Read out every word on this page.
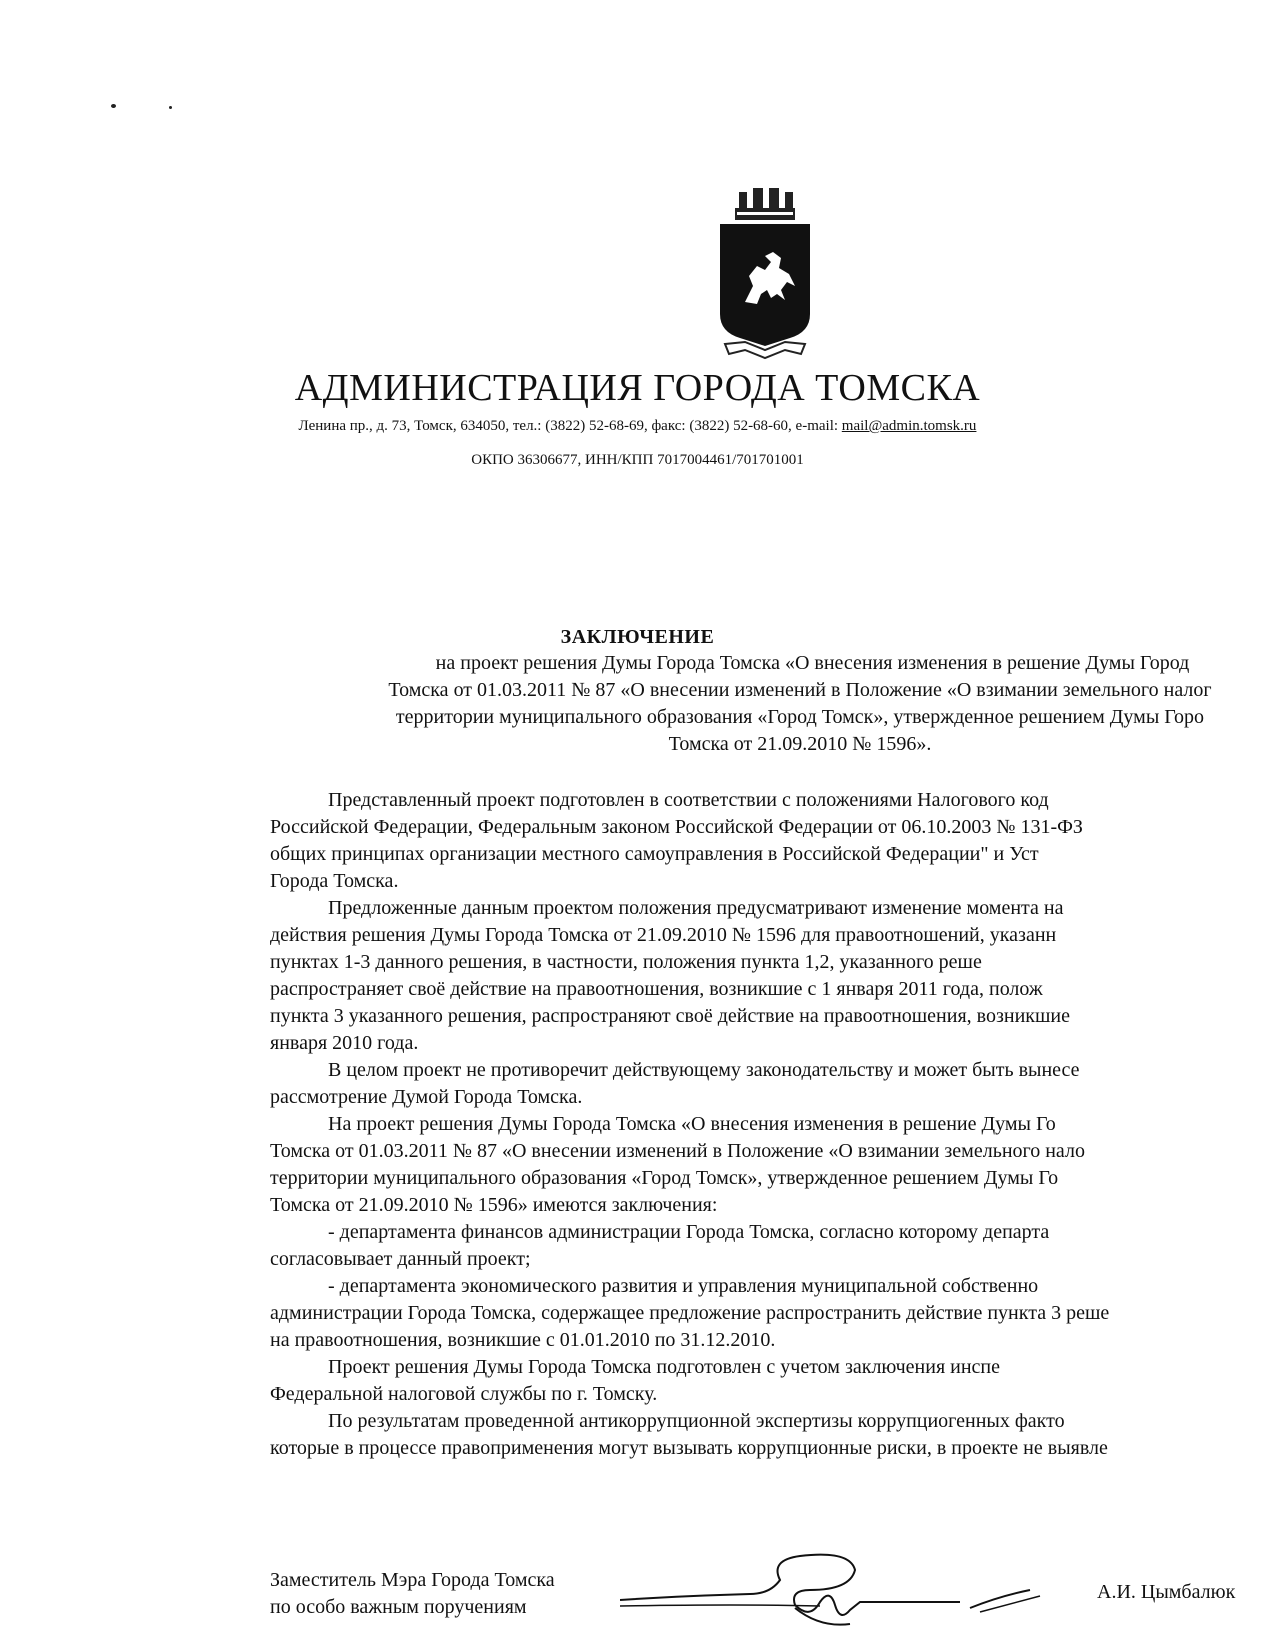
АДМИНИСТРАЦИЯ ГОРОДА ТОМСКА
Ленина пр., д. 73, Томск, 634050, тел.: (3822) 52-68-69, факс: (3822) 52-68-60, e-mail: mail@admin.tomsk.ru
ОКПО 36306677, ИНН/КПП 7017004461/701701001
ЗАКЛЮЧЕНИЕ
на проект решения Думы Города Томска «О внесения изменения в решение Думы Город
Томска от 01.03.2011 № 87 «О внесении изменений в Положение «О взимании земельного налог
территории муниципального образования «Город Томск», утвержденное решением Думы Горо
Томска от 21.09.2010 № 1596».

Представленный проект подготовлен в соответствии с положениями Налогового код
Российской Федерации, Федеральным законом Российской Федерации от 06.10.2003 № 131-ФЗ
общих принципах организации местного самоуправления в Российской Федерации" и Уст
Города Томска.

Предложенные данным проектом положения предусматривают изменение момента на
действия решения Думы Города Томска от 21.09.2010 № 1596 для правоотношений, указанн
пунктах 1-3 данного решения, в частности, положения пункта 1,2, указанного реше
распространяет своё действие на правоотношения, возникшие с 1 января 2011 года, полож
пункта 3 указанного решения, распространяют своё действие на правоотношения, возникшие
января 2010 года.

В целом проект не противоречит действующему законодательству и может быть вынесе
рассмотрение Думой Города Томска.

На проект решения Думы Города Томска «О внесения изменения в решение Думы Го
Томска от 01.03.2011 № 87 «О внесении изменений в Положение «О взимании земельного нало
территории муниципального образования «Город Томск», утвержденное решением Думы Го
Томска от 21.09.2010 № 1596» имеются заключения:

- департамента финансов администрации Города Томска, согласно которому департа
согласовывает данный проект;

- департамента экономического развития и управления муниципальной собственно
администрации Города Томска, содержащее предложение распространить действие пункта 3 реше
на правоотношения, возникшие с 01.01.2010 по 31.12.2010.

Проект решения Думы Города Томска подготовлен с учетом заключения инспе
Федеральной налоговой службы по г. Томску.

По результатам проведенной антикоррупционной экспертизы коррупциогенных факто
которые в процессе правоприменения могут вызывать коррупционные риски, в проекте не выявле

Заместитель Мэра Города Томска
по особо важным поручениям
А.И. Цымбалюк
